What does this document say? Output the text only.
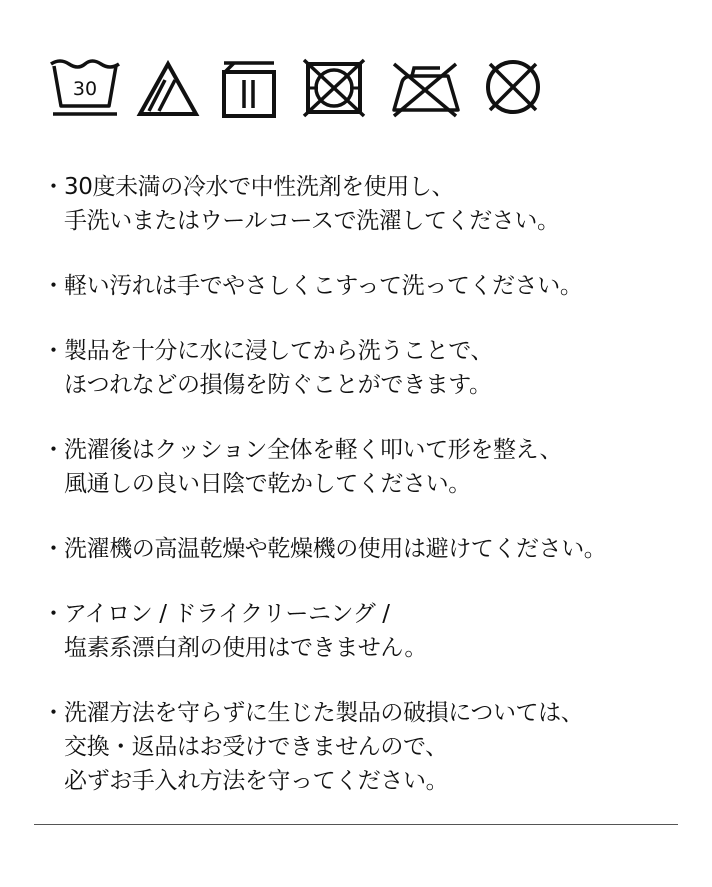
30
・ 30度未満の冷水で中性洗剤を使用し、
手洗いまたはウールコースで洗濯してください。
・ 軽い汚れは手でやさしくこすって洗ってください。
・ 製品を十分に水に浸してから洗うことで、
ほつれなどの損傷を防ぐことができます。
・ 洗濯後はクッション全体を軽く叩いて形を整え、
風通しの良い日陰で乾かしてください。
・ 洗濯機の高温乾燥や乾燥機の使用は避けてください。
・ アイロン / ドライクリーニング /
塩素系漂白剤の使用はできません。
・ 洗濯方法を守らずに生じた製品の破損については、
交換・返品はお受けできませんので、
必ずお手入れ方法を守ってください。
